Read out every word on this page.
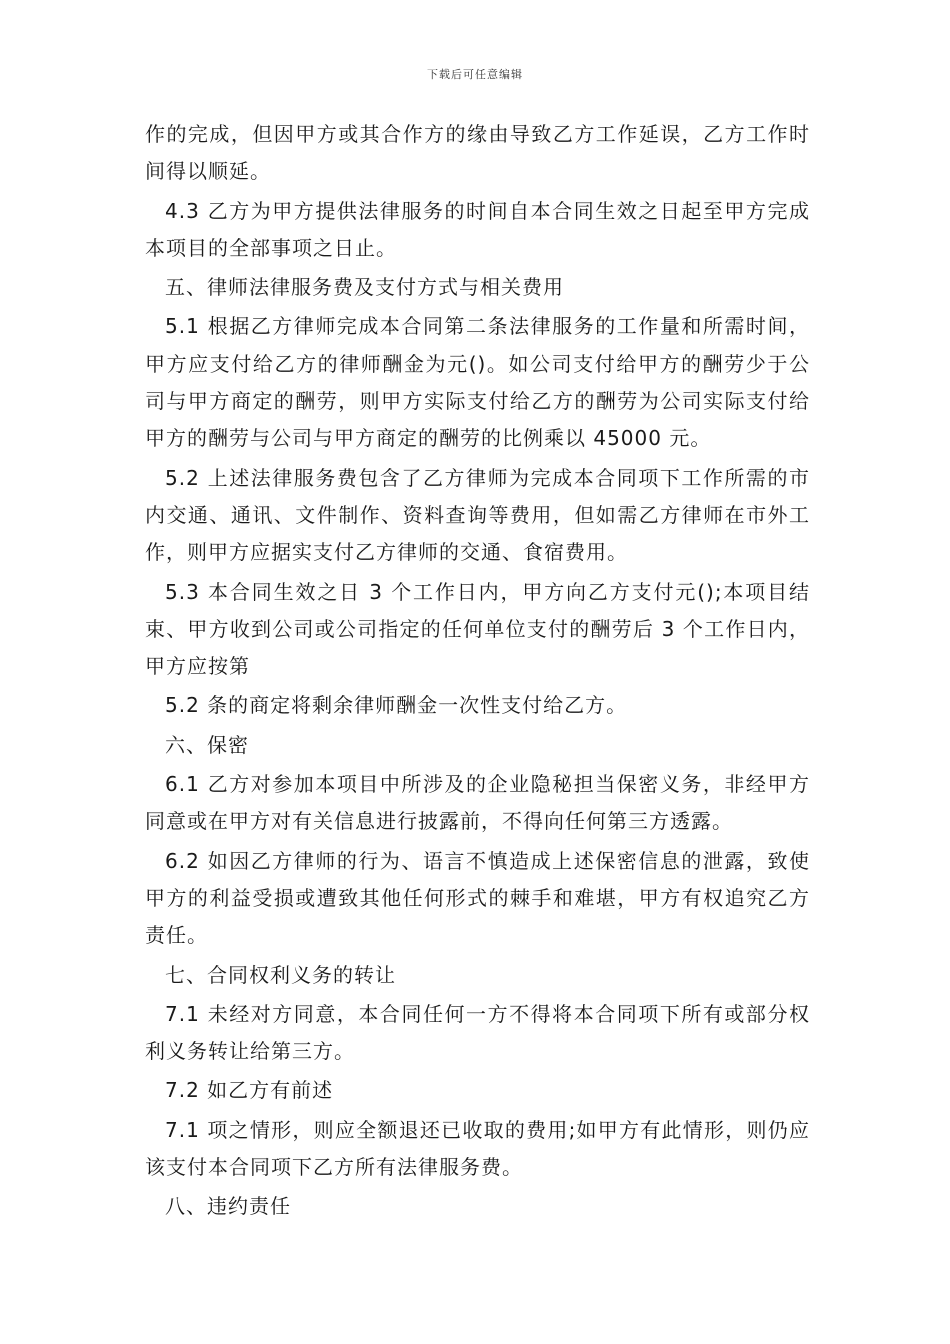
下载后可任意编辑

作的完成，但因甲方或其合作方的缘由导致乙方工作延误，乙方工作时间得以顺延。

4.3 乙方为甲方提供法律服务的时间自本合同生效之日起至甲方完成本项目的全部事项之日止。

五、律师法律服务费及支付方式与相关费用

5.1 根据乙方律师完成本合同第二条法律服务的工作量和所需时间，甲方应支付给乙方的律师酬金为元()。如公司支付给甲方的酬劳少于公司与甲方商定的酬劳，则甲方实际支付给乙方的酬劳为公司实际支付给甲方的酬劳与公司与甲方商定的酬劳的比例乘以 45000 元。

5.2 上述法律服务费包含了乙方律师为完成本合同项下工作所需的市内交通、通讯、文件制作、资料查询等费用，但如需乙方律师在市外工作，则甲方应据实支付乙方律师的交通、食宿费用。

5.3 本合同生效之日 3 个工作日内，甲方向乙方支付元();本项目结束、甲方收到公司或公司指定的任何单位支付的酬劳后 3 个工作日内，甲方应按第

5.2 条的商定将剩余律师酬金一次性支付给乙方。

六、保密

6.1 乙方对参加本项目中所涉及的企业隐秘担当保密义务，非经甲方同意或在甲方对有关信息进行披露前，不得向任何第三方透露。

6.2 如因乙方律师的行为、语言不慎造成上述保密信息的泄露，致使甲方的利益受损或遭致其他任何形式的棘手和难堪，甲方有权追究乙方责任。

七、合同权利义务的转让

7.1 未经对方同意，本合同任何一方不得将本合同项下所有或部分权利义务转让给第三方。

7.2 如乙方有前述

7.1 项之情形，则应全额退还已收取的费用;如甲方有此情形，则仍应该支付本合同项下乙方所有法律服务费。

八、违约责任
